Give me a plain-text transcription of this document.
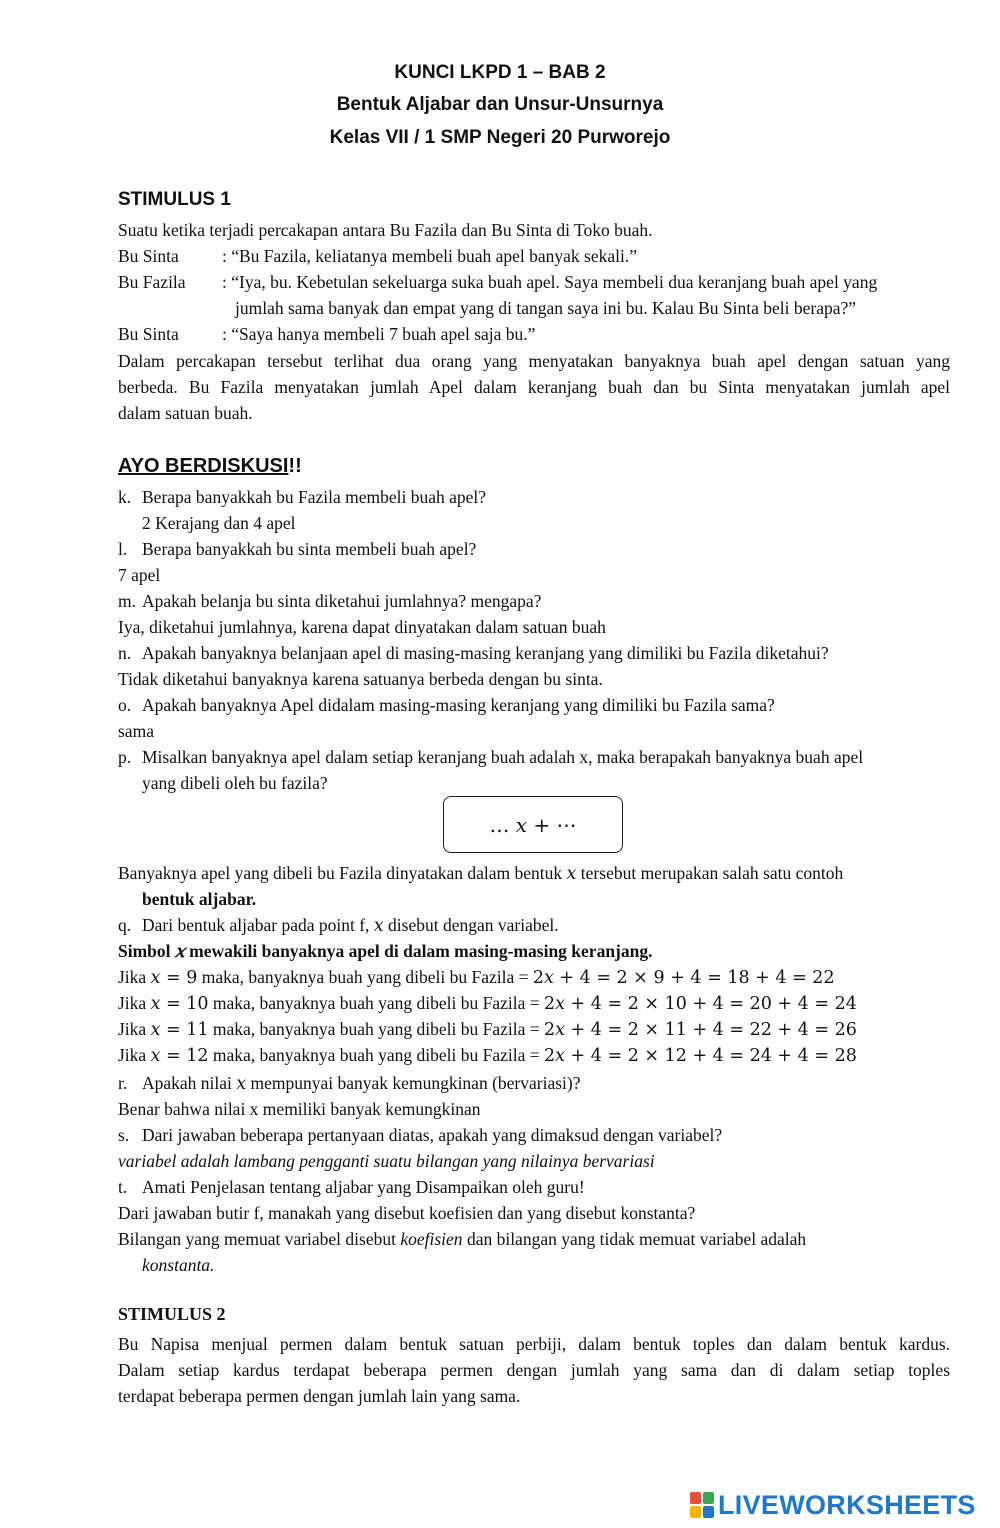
KUNCI LKPD 1 – BAB 2
Bentuk Aljabar dan Unsur-Unsurnya
Kelas VII / 1 SMP Negeri 20 Purworejo
STIMULUS 1
Suatu ketika terjadi percakapan antara Bu Fazila dan Bu Sinta di Toko buah.
Bu Sinta : “Bu Fazila, keliatanya membeli buah apel banyak sekali.”
Bu Fazila : “Iya, bu. Kebetulan sekeluarga suka buah apel. Saya membeli dua keranjang buah apel yang
jumlah sama banyak dan empat yang di tangan saya ini bu. Kalau Bu Sinta beli berapa?”
Bu Sinta : “Saya hanya membeli 7 buah apel saja bu.”
Dalam percakapan tersebut terlihat dua orang yang menyatakan banyaknya buah apel dengan satuan yang
berbeda. Bu Fazila menyatakan jumlah Apel dalam keranjang buah dan bu Sinta menyatakan jumlah apel
dalam satuan buah.
AYO BERDISKUSI!!
k. Berapa banyakkah bu Fazila membeli buah apel?
2 Kerajang dan 4 apel
l. Berapa banyakkah bu sinta membeli buah apel?
7 apel
m. Apakah belanja bu sinta diketahui jumlahnya? mengapa?
Iya, diketahui jumlahnya, karena dapat dinyatakan dalam satuan buah
n. Apakah banyaknya belanjaan apel di masing-masing keranjang yang dimiliki bu Fazila diketahui?
Tidak diketahui banyaknya karena satuanya berbeda dengan bu sinta.
o. Apakah banyaknya Apel didalam masing-masing keranjang yang dimiliki bu Fazila sama?
sama
p. Misalkan banyaknya apel dalam setiap keranjang buah adalah x, maka berapakah banyaknya buah apel
yang dibeli oleh bu fazila?
… 𝑥 + ⋯
Banyaknya apel yang dibeli bu Fazila dinyatakan dalam bentuk 𝑥 tersebut merupakan salah satu contoh
bentuk aljabar.
q. Dari bentuk aljabar pada point f, 𝑥 disebut dengan variabel.
Simbol 𝑥 mewakili banyaknya apel di dalam masing-masing keranjang.
Jika 𝑥 = 9 maka, banyaknya buah yang dibeli bu Fazila = 2𝑥 + 4 = 2 × 9 + 4 = 18 + 4 = 22
Jika 𝑥 = 10 maka, banyaknya buah yang dibeli bu Fazila = 2𝑥 + 4 = 2 × 10 + 4 = 20 + 4 = 24
Jika 𝑥 = 11 maka, banyaknya buah yang dibeli bu Fazila = 2𝑥 + 4 = 2 × 11 + 4 = 22 + 4 = 26
Jika 𝑥 = 12 maka, banyaknya buah yang dibeli bu Fazila = 2𝑥 + 4 = 2 × 12 + 4 = 24 + 4 = 28
r. Apakah nilai 𝑥 mempunyai banyak kemungkinan (bervariasi)?
Benar bahwa nilai x memiliki banyak kemungkinan
s. Dari jawaban beberapa pertanyaan diatas, apakah yang dimaksud dengan variabel?
variabel adalah lambang pengganti suatu bilangan yang nilainya bervariasi
t. Amati Penjelasan tentang aljabar yang Disampaikan oleh guru!
Dari jawaban butir f, manakah yang disebut koefisien dan yang disebut konstanta?
Bilangan yang memuat variabel disebut koefisien dan bilangan yang tidak memuat variabel adalah
konstanta.
STIMULUS 2
Bu Napisa menjual permen dalam bentuk satuan perbiji, dalam bentuk toples dan dalam bentuk kardus.
Dalam setiap kardus terdapat beberapa permen dengan jumlah yang sama dan di dalam setiap toples
terdapat beberapa permen dengan jumlah lain yang sama.
LIVEWORKSHEETS
